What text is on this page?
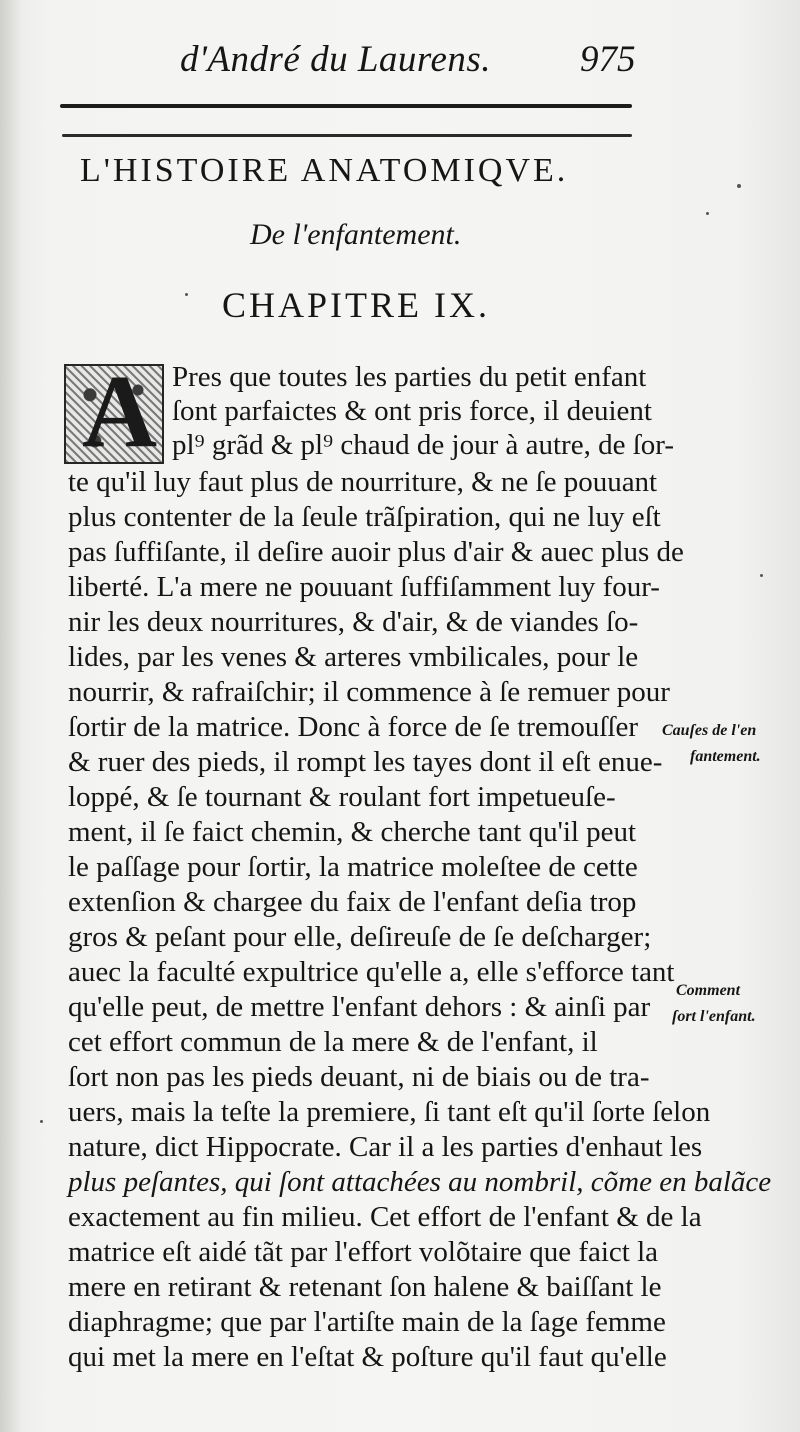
d'André du Laurens. 975
L'HISTOIRE ANATOMIQVE.
De l'enfantement.
CHAPITRE IX.
A Pres que toutes les parties du petit enfant
ſont parfaictes & ont pris force, il deuient
pl⁹ grãd & pl⁹ chaud de jour à autre, de ſor-
te qu'il luy faut plus de nourriture, & ne ſe pouuant
plus contenter de la ſeule trãſpiration, qui ne luy eſt
pas ſuffiſante, il deſire auoir plus d'air & auec plus de
liberté. L'a mere ne pouuant ſuffiſamment luy four-
nir les deux nourritures, & d'air, & de viandes ſo-
lides, par les venes & arteres vmbilicales, pour le
nourrir, & rafraiſchir; il commence à ſe remuer pour
ſortir de la matrice. Donc à force de ſe tremouſſer
& ruer des pieds, il rompt les tayes dont il eſt enue-
loppé, & ſe tournant & roulant fort impetueuſe-
ment, il ſe faict chemin, & cherche tant qu'il peut
le paſſage pour ſortir, la matrice moleſtee de cette
extenſion & chargee du faix de l'enfant deſia trop
gros & peſant pour elle, deſireuſe de ſe deſcharger;
auec la faculté expultrice qu'elle a, elle s'efforce tant
qu'elle peut, de mettre l'enfant dehors : & ainſi par
cet effort commun de la mere & de l'enfant, il
ſort non pas les pieds deuant, ni de biais ou de tra-
uers, mais la teſte la premiere, ſi tant eſt qu'il ſorte ſelon
nature, dict Hippocrate. Car il a les parties d'enhaut les
plus peſantes, qui ſont attachées au nombril, cõme en balãce
exactement au fin milieu. Cet effort de l'enfant & de la
matrice eſt aidé tãt par l'effort volõtaire que faict la
mere en retirant & retenant ſon halene & baiſſant le
diaphragme; que par l'artiſte main de la ſage femme
qui met la mere en l'eſtat & poſture qu'il faut qu'elle
Cauſes de l'en
fantement.
Comment
ſort l'enfant.
